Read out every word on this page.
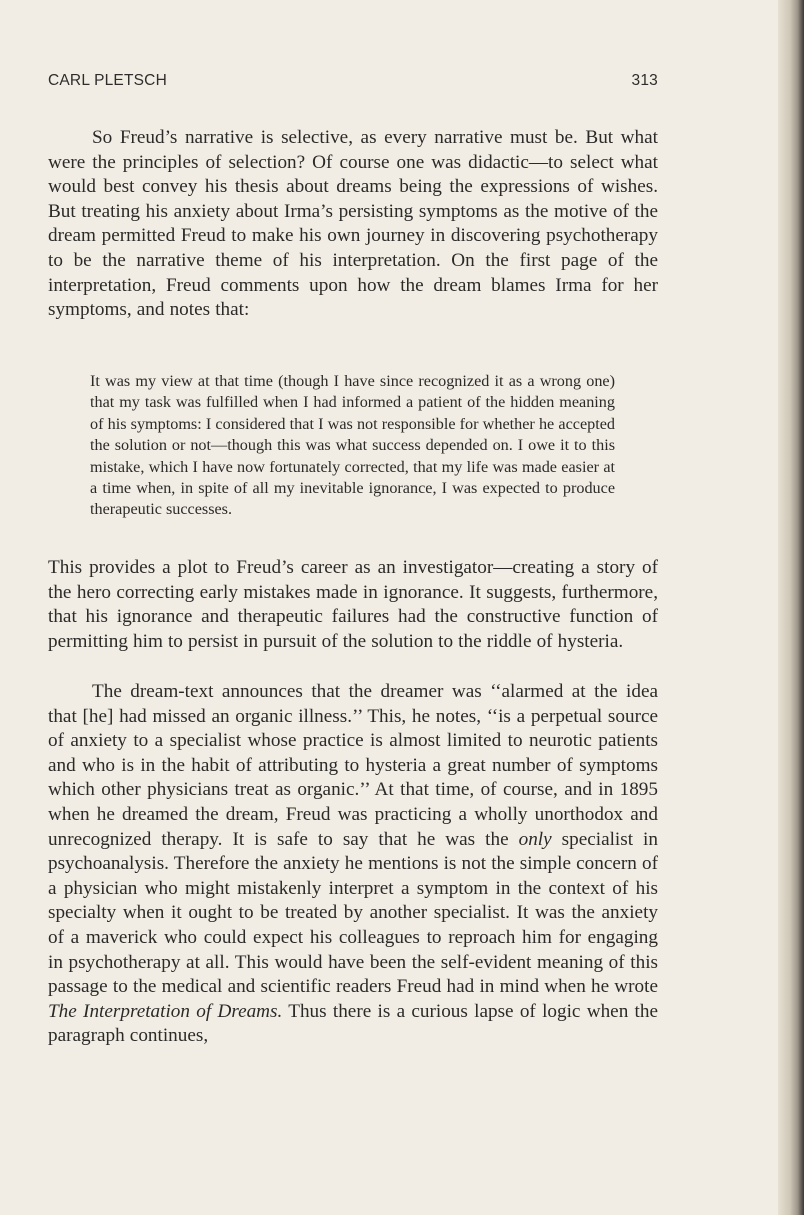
CARL PLETSCH	313

So Freud’s narrative is selective, as every narrative must be. But what were the principles of selection? Of course one was didactic—to select what would best convey his thesis about dreams being the expressions of wishes. But treating his anxiety about Irma’s persisting symptoms as the motive of the dream permitted Freud to make his own journey in discovering psychotherapy to be the narrative theme of his interpretation. On the first page of the interpretation, Freud comments upon how the dream blames Irma for her symptoms, and notes that:

It was my view at that time (though I have since recognized it as a wrong one) that my task was fulfilled when I had informed a patient of the hidden meaning of his symptoms: I considered that I was not responsible for whether he accepted the solution or not—though this was what success depended on. I owe it to this mistake, which I have now fortunately corrected, that my life was made easier at a time when, in spite of all my inevitable ignorance, I was expected to produce therapeutic successes.

This provides a plot to Freud’s career as an investigator—creating a story of the hero correcting early mistakes made in ignorance. It suggests, furthermore, that his ignorance and therapeutic failures had the constructive function of permitting him to persist in pursuit of the solution to the riddle of hysteria.

The dream-text announces that the dreamer was ‘‘alarmed at the idea that [he] had missed an organic illness.’’ This, he notes, ‘‘is a perpetual source of anxiety to a specialist whose practice is almost limited to neurotic patients and who is in the habit of attributing to hysteria a great number of symptoms which other physicians treat as organic.’’ At that time, of course, and in 1895 when he dreamed the dream, Freud was practicing a wholly unorthodox and unrecognized therapy. It is safe to say that he was the only specialist in psychoanalysis. Therefore the anxiety he mentions is not the simple concern of a physician who might mistakenly interpret a symptom in the context of his specialty when it ought to be treated by another specialist. It was the anxiety of a maverick who could expect his colleagues to reproach him for engaging in psychotherapy at all. This would have been the self-evident meaning of this passage to the medical and scientific readers Freud had in mind when he wrote The Interpretation of Dreams. Thus there is a curious lapse of logic when the paragraph continues,
